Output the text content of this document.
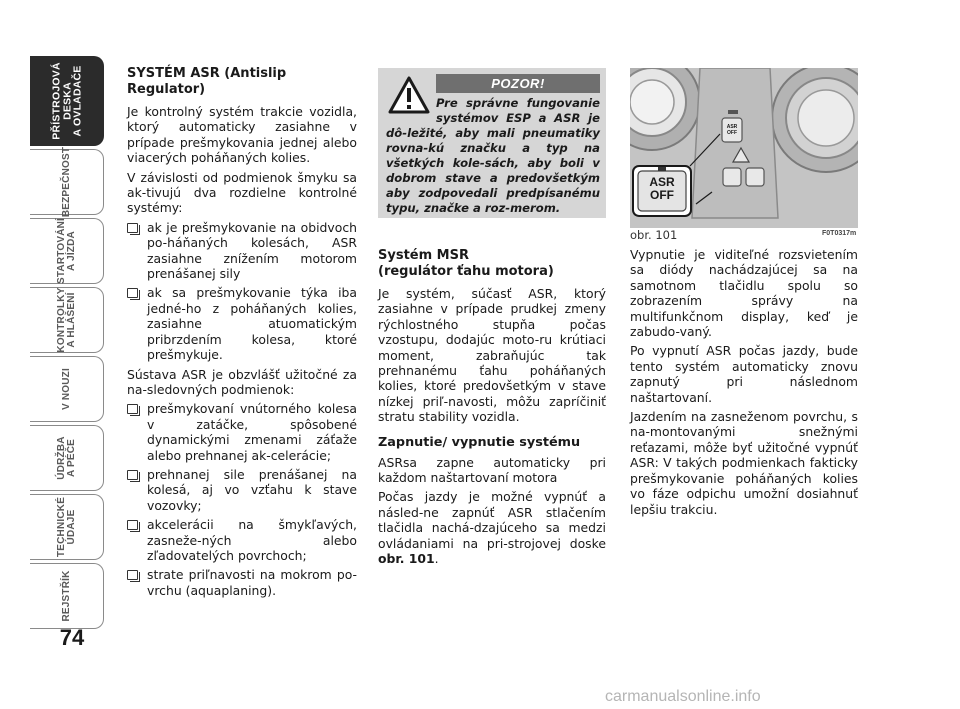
PŘÍSTROJOVÁ
DESKA
A OVLADAČE
BEZPEČNOST
STARTOVÁNÍ
A JÍZDA
KONTROLKY
A HLÁŠENÍ
V NOUZI
ÚDRŽBA
A PÉČE
TECHNICKÉ
ÚDAJE
REJSTŘÍK
74
SYSTÉM ASR (Antislip Regulator)

Je kontrolný systém trakcie vozidla, ktorý automaticky zasiahne v prípade prešmykovania jednej alebo viacerých poháňaných kolies.

V závislosti od podmienok šmyku sa ak-tivujú dva rozdielne kontrolné systémy:

ak je prešmykovanie na obidvoch po-háňaných kolesách, ASR zasiahne znížením motorom prenášanej sily
ak sa prešmykovanie týka iba jedné-ho z poháňaných kolies, zasiahne atuomatickým pribrzdením kolesa, ktoré prešmykuje.

Sústava ASR je obzvlášť užitočné za na-sledovných podmienok:

prešmykovaní vnútorného kolesa v zatáčke, spôsobené dynamickými zmenami záťaže alebo prehnanej ak-celerácie;
prehnanej sile prenášanej na kolesá, aj vo vzťahu k stave vozovky;
akcelerácii na šmykľavých, zasneže-ných alebo zľadovatelých povrchoch;
strate priľnavosti na mokrom po-vrchu (aquaplaning).
POZOR!
Pre správne fungovanie systémov ESP a ASR je dô-ležité, aby mali pneumatiky rovna-kú značku a typ na všetkých kole-sách, aby boli v dobrom stave a predovšetkým aby zodpovedali predpísanému typu, značke a roz-merom.
Systém MSR
(regulátor ťahu motora)

Je systém, súčasť ASR, ktorý zasiahne v prípade prudkej zmeny rýchlostného stupňa počas vzostupu, dodajúc moto-ru krútiaci moment, zabraňujúc tak prehnanému ťahu poháňaných kolies, ktoré predovšetkým v stave nízkej priľ-navosti, môžu zapríčiniť stratu stability vozidla.

Zapnutie/ vypnutie systému

ASRsa zapne automaticky pri každom naštartovaní motora

Počas jazdy je možné vypnúť a násled-ne zapnúť ASR stlačením tlačidla nachá-dzajúceho sa medzi ovládaniami na pri-strojovej doske obr. 101.

ASR
OFF
ASR
OFF
obr. 101	F0T0317m

Vypnutie je viditeľné rozsvietením sa diódy nachádzajúcej sa na samotnom tlačidlu spolu so zobrazením správy na multifunkčnom display, keď je zabudo-vaný.

Po vypnutí ASR počas jazdy, bude tento systém automaticky znovu zapnutý pri následnom naštartovaní.

Jazdením na zasneženom povrchu, s na-montovanými snežnými reťazami, môže byť užitočné vypnúť ASR: V takých podmienkach fakticky prešmykovanie poháňaných kolies vo fáze odpichu umožní dosiahnuť lepšiu trakciu.

carmanualsonline.info
